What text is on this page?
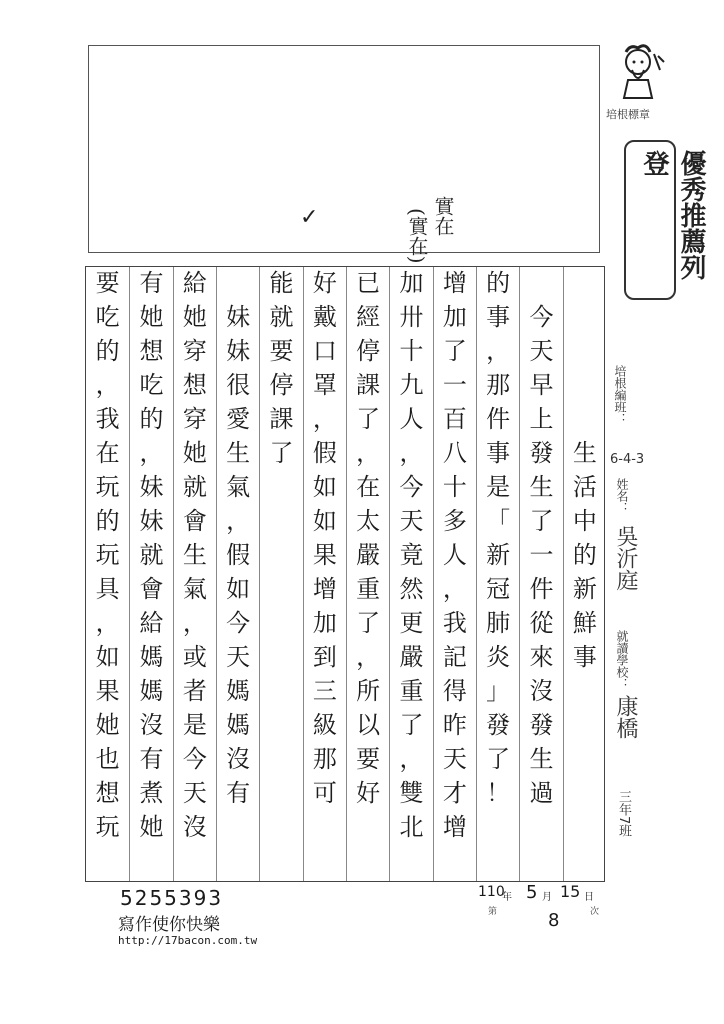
實在
(實在)
✓
培根標章
優秀推薦列登
生
活
中
的
新
鮮
事
今
天
早
上
發
生
了
一
件
從
來
沒
發
生
過
的
事
，
那
件
事
是
「
新
冠
肺
炎
」
發
了
！
增
加
了
一
百
八
十
多
人
，
我
記
得
昨
天
才
增
加
卅
十
九
人
，
今
天
竟
然
更
嚴
重
了
，
雙
北
已
經
停
課
了
，
在
太
嚴
重
了
，
所
以
要
好
好
戴
口
罩
，
假
如
如
果
增
加
到
三
級
那
可
能
就
要
停
課
了
妹
妹
很
愛
生
氣
，
假
如
今
天
媽
媽
沒
有
給
她
穿
想
穿
她
就
會
生
氣
，
或
者
是
今
天
沒
有
她
想
吃
的
，
妹
妹
就
會
給
媽
媽
沒
有
煮
她
要
吃
的
，
我
在
玩
的
玩
具
，
如
果
她
也
想
玩
培根編班：
6-4-3
姓名：
吳沂庭
就讀學校：
康橋
三年7班
110
年 5 月 15 日
第	8	次
5255393
寫作使你快樂
http://17bacon.com.tw
